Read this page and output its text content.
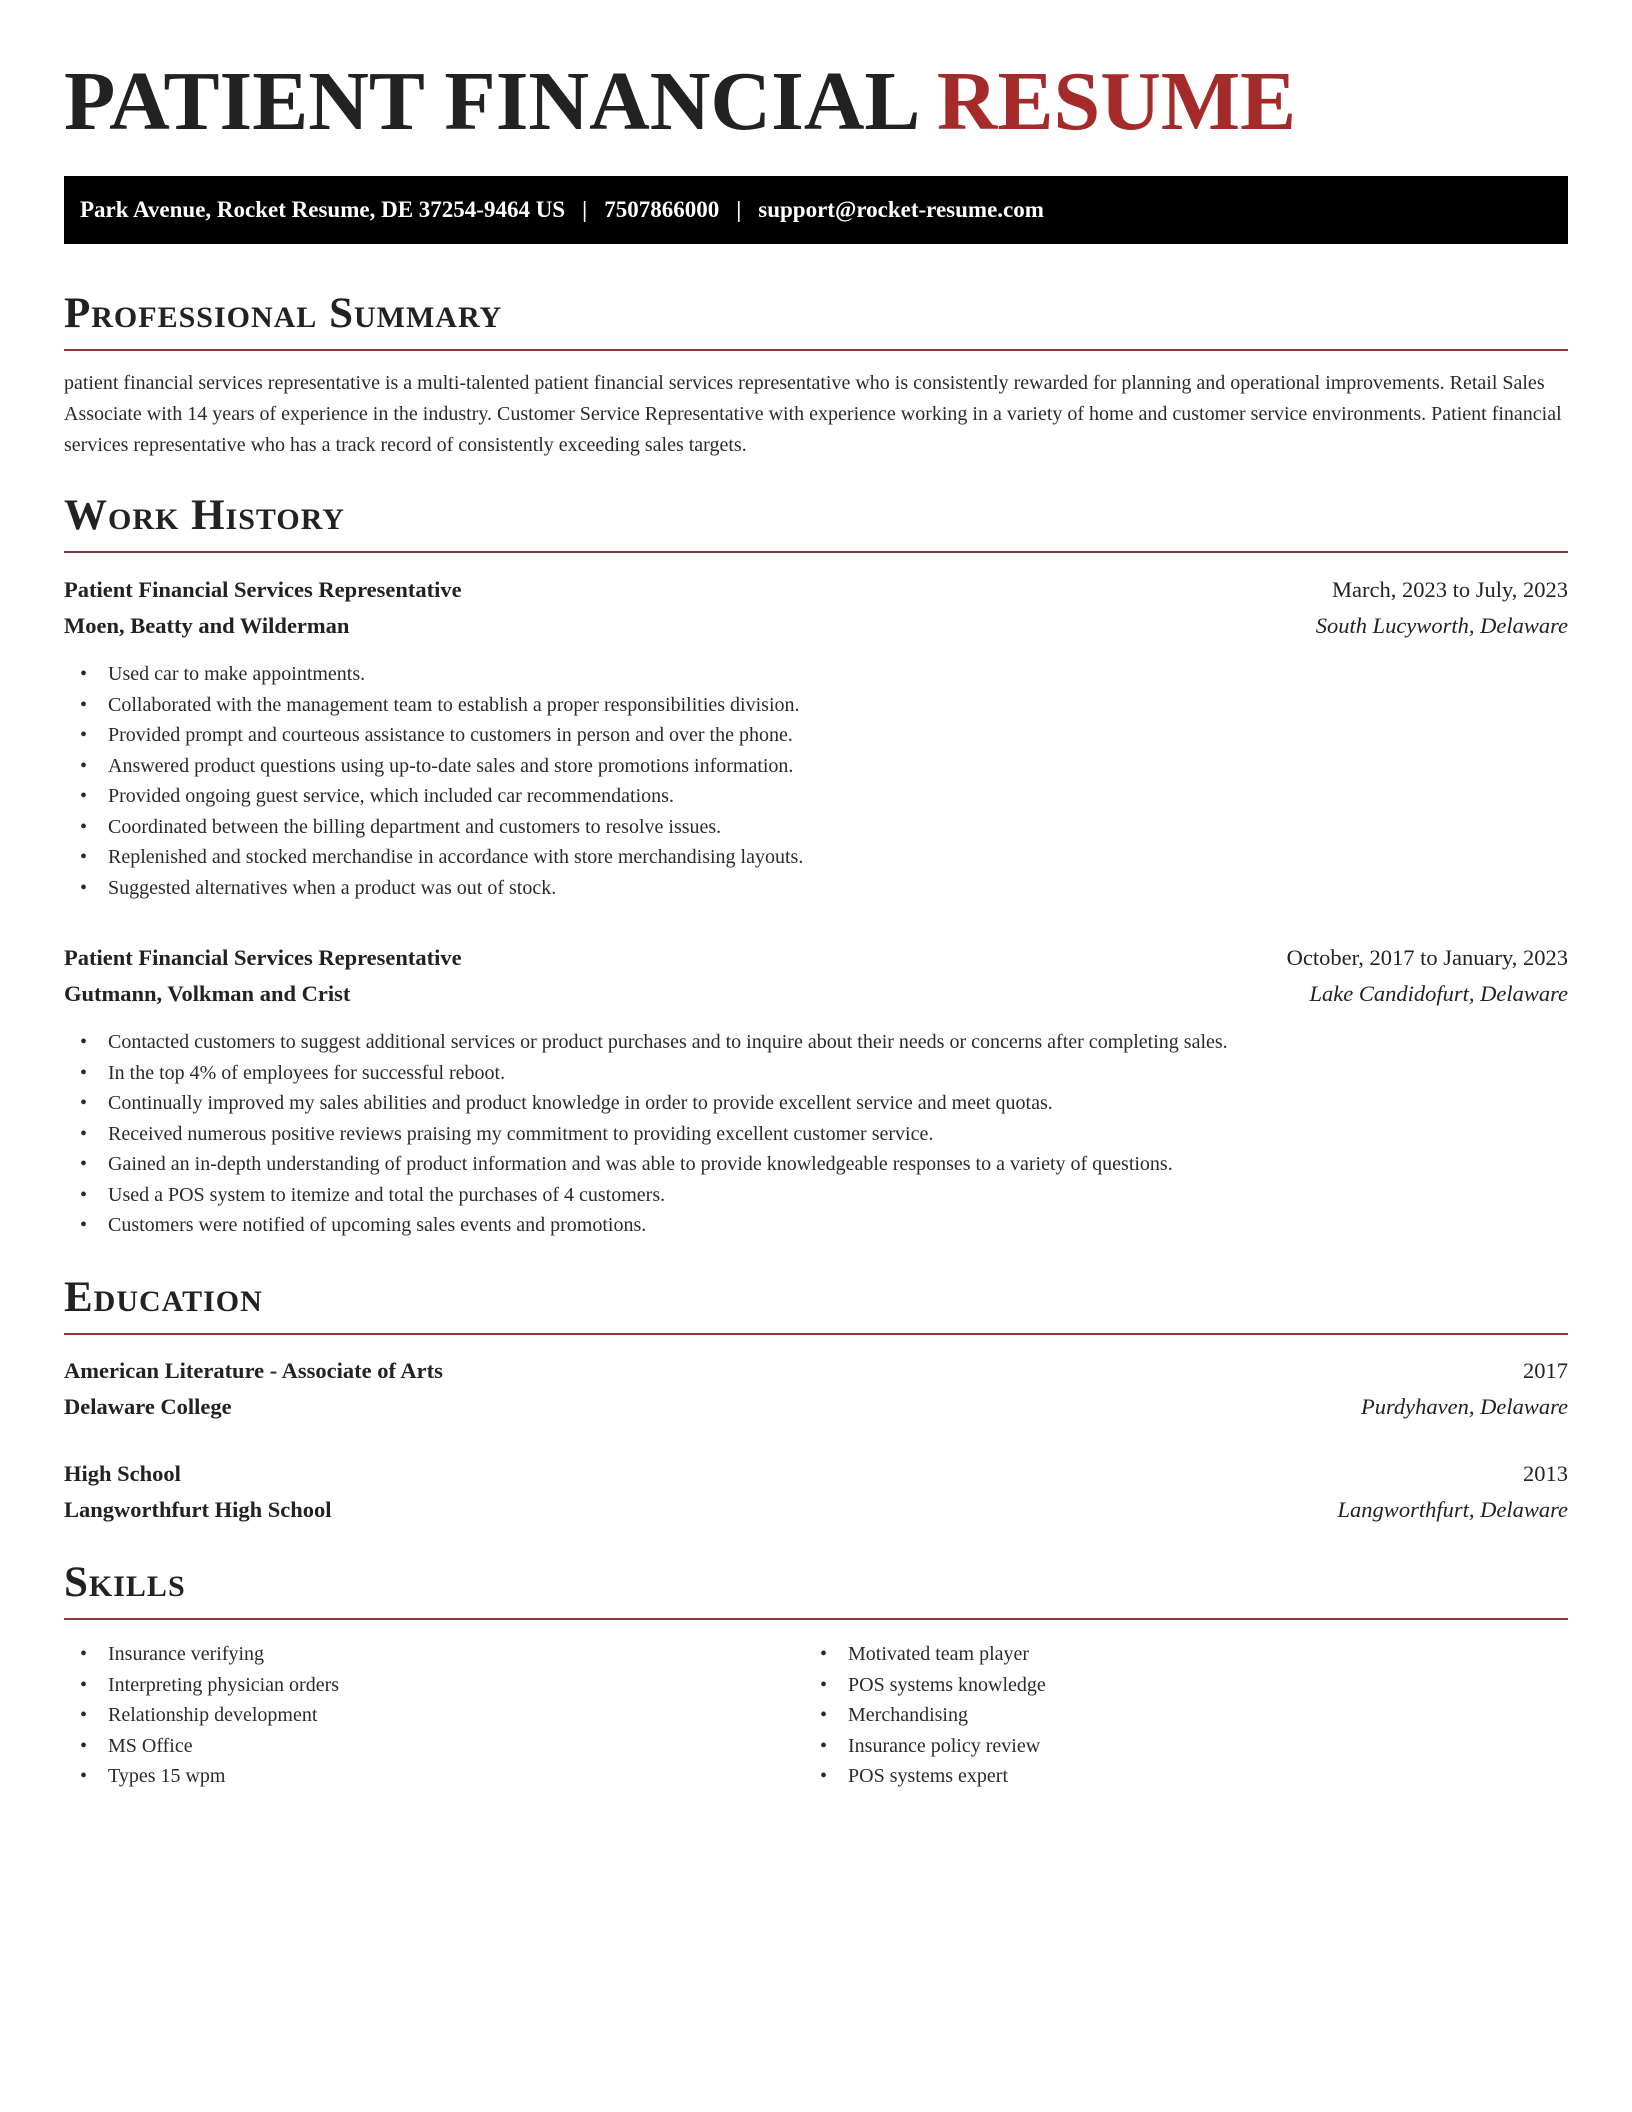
PATIENT FINANCIAL RESUME
Park Avenue, Rocket Resume, DE 37254-9464 US | 7507866000 | support@rocket-resume.com
Professional Summary

patient financial services representative is a multi-talented patient financial services representative who is consistently rewarded for planning and operational improvements. Retail Sales Associate with 14 years of experience in the industry. Customer Service Representative with experience working in a variety of home and customer service environments. Patient financial services representative who has a track record of consistently exceeding sales targets.

Work History
Patient Financial Services Representative	March, 2023 to July, 2023
Moen, Beatty and Wilderman	South Lucyworth, Delaware
• Used car to make appointments.
• Collaborated with the management team to establish a proper responsibilities division.
• Provided prompt and courteous assistance to customers in person and over the phone.
• Answered product questions using up-to-date sales and store promotions information.
• Provided ongoing guest service, which included car recommendations.
• Coordinated between the billing department and customers to resolve issues.
• Replenished and stocked merchandise in accordance with store merchandising layouts.
• Suggested alternatives when a product was out of stock.
Patient Financial Services Representative	October, 2017 to January, 2023
Gutmann, Volkman and Crist	Lake Candidofurt, Delaware
• Contacted customers to suggest additional services or product purchases and to inquire about their needs or concerns after completing sales.
• In the top 4% of employees for successful reboot.
• Continually improved my sales abilities and product knowledge in order to provide excellent service and meet quotas.
• Received numerous positive reviews praising my commitment to providing excellent customer service.
• Gained an in-depth understanding of product information and was able to provide knowledgeable responses to a variety of questions.
• Used a POS system to itemize and total the purchases of 4 customers.
• Customers were notified of upcoming sales events and promotions.
Education
American Literature - Associate of Arts	2017
Delaware College	Purdyhaven, Delaware
High School	2013
Langworthfurt High School	Langworthfurt, Delaware
Skills
• Insurance verifying
• Interpreting physician orders
• Relationship development
• MS Office
• Types 15 wpm
• Motivated team player
• POS systems knowledge
• Merchandising
• Insurance policy review
• POS systems expert
